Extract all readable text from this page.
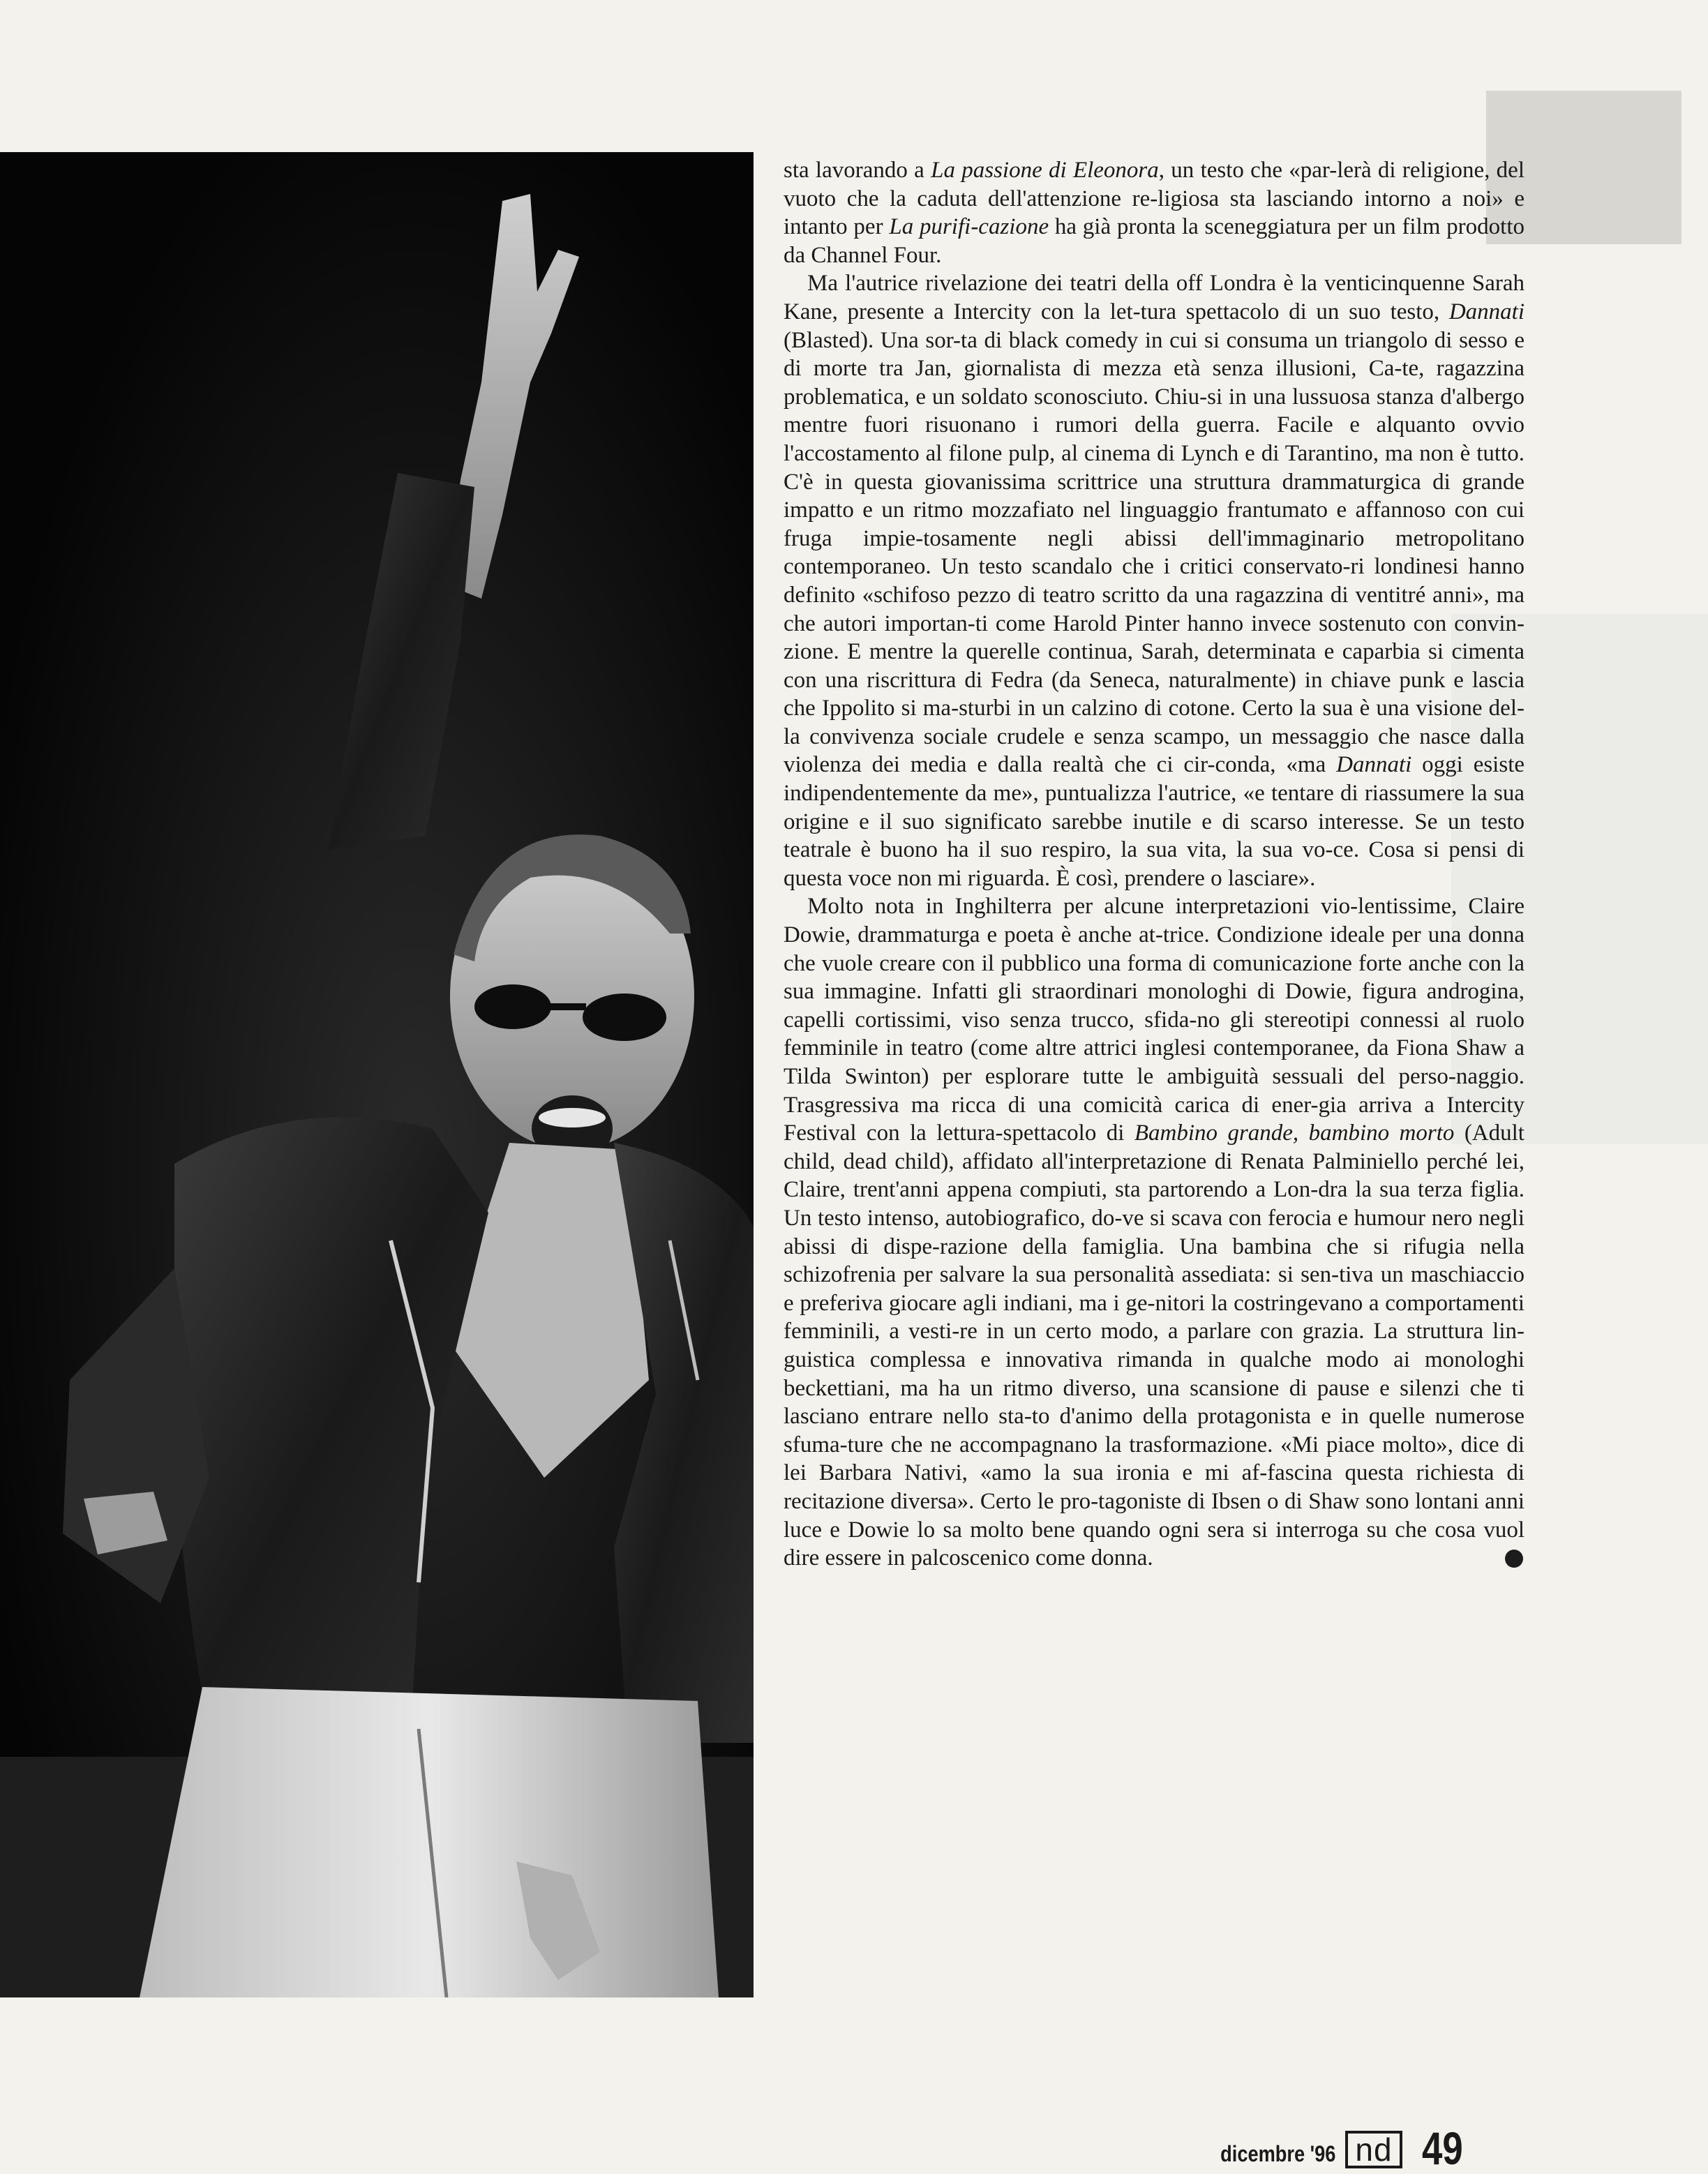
sta lavorando a La passione di Eleonora, un testo che «par-lerà di religione, del vuoto che la caduta dell'attenzione re-ligiosa sta lasciando intorno a noi» e intanto per La purifi-cazione ha già pronta la sceneggiatura per un film prodotto da Channel Four.

Ma l'autrice rivelazione dei teatri della off Londra è la venticinquenne Sarah Kane, presente a Intercity con la let-tura spettacolo di un suo testo, Dannati (Blasted). Una sor-ta di black comedy in cui si consuma un triangolo di sesso e di morte tra Jan, giornalista di mezza età senza illusioni, Ca-te, ragazzina problematica, e un soldato sconosciuto. Chiu-si in una lussuosa stanza d'albergo mentre fuori risuonano i rumori della guerra. Facile e alquanto ovvio l'accostamento al filone pulp, al cinema di Lynch e di Tarantino, ma non è tutto. C'è in questa giovanissima scrittrice una struttura drammaturgica di grande impatto e un ritmo mozzafiato nel linguaggio frantumato e affannoso con cui fruga impie-tosamente negli abissi dell'immaginario metropolitano contemporaneo. Un testo scandalo che i critici conservato-ri londinesi hanno definito «schifoso pezzo di teatro scritto da una ragazzina di ventitré anni», ma che autori importan-ti come Harold Pinter hanno invece sostenuto con convin-zione. E mentre la querelle continua, Sarah, determinata e caparbia si cimenta con una riscrittura di Fedra (da Seneca, naturalmente) in chiave punk e lascia che Ippolito si ma-sturbi in un calzino di cotone. Certo la sua è una visione del-la convivenza sociale crudele e senza scampo, un messaggio che nasce dalla violenza dei media e dalla realtà che ci cir-conda, «ma Dannati oggi esiste indipendentemente da me», puntualizza l'autrice, «e tentare di riassumere la sua origine e il suo significato sarebbe inutile e di scarso interesse. Se un testo teatrale è buono ha il suo respiro, la sua vita, la sua vo-ce. Cosa si pensi di questa voce non mi riguarda. È così, prendere o lasciare».

Molto nota in Inghilterra per alcune interpretazioni vio-lentissime, Claire Dowie, drammaturga e poeta è anche at-trice. Condizione ideale per una donna che vuole creare con il pubblico una forma di comunicazione forte anche con la sua immagine. Infatti gli straordinari monologhi di Dowie, figura androgina, capelli cortissimi, viso senza trucco, sfida-no gli stereotipi connessi al ruolo femminile in teatro (come altre attrici inglesi contemporanee, da Fiona Shaw a Tilda Swinton) per esplorare tutte le ambiguità sessuali del perso-naggio. Trasgressiva ma ricca di una comicità carica di ener-gia arriva a Intercity Festival con la lettura-spettacolo di Bambino grande, bambino morto (Adult child, dead child), affidato all'interpretazione di Renata Palminiello perché lei, Claire, trent'anni appena compiuti, sta partorendo a Lon-dra la sua terza figlia. Un testo intenso, autobiografico, do-ve si scava con ferocia e humour nero negli abissi di dispe-razione della famiglia. Una bambina che si rifugia nella schizofrenia per salvare la sua personalità assediata: si sen-tiva un maschiaccio e preferiva giocare agli indiani, ma i ge-nitori la costringevano a comportamenti femminili, a vesti-re in un certo modo, a parlare con grazia. La struttura lin-guistica complessa e innovativa rimanda in qualche modo ai monologhi beckettiani, ma ha un ritmo diverso, una scansione di pause e silenzi che ti lasciano entrare nello sta-to d'animo della protagonista e in quelle numerose sfuma-ture che ne accompagnano la trasformazione. «Mi piace molto», dice di lei Barbara Nativi, «amo la sua ironia e mi af-fascina questa richiesta di recitazione diversa». Certo le pro-tagoniste di Ibsen o di Shaw sono lontani anni luce e Dowie lo sa molto bene quando ogni sera si interroga su che cosa vuol dire essere in palcoscenico come donna.

dicembre '96 nd 49
